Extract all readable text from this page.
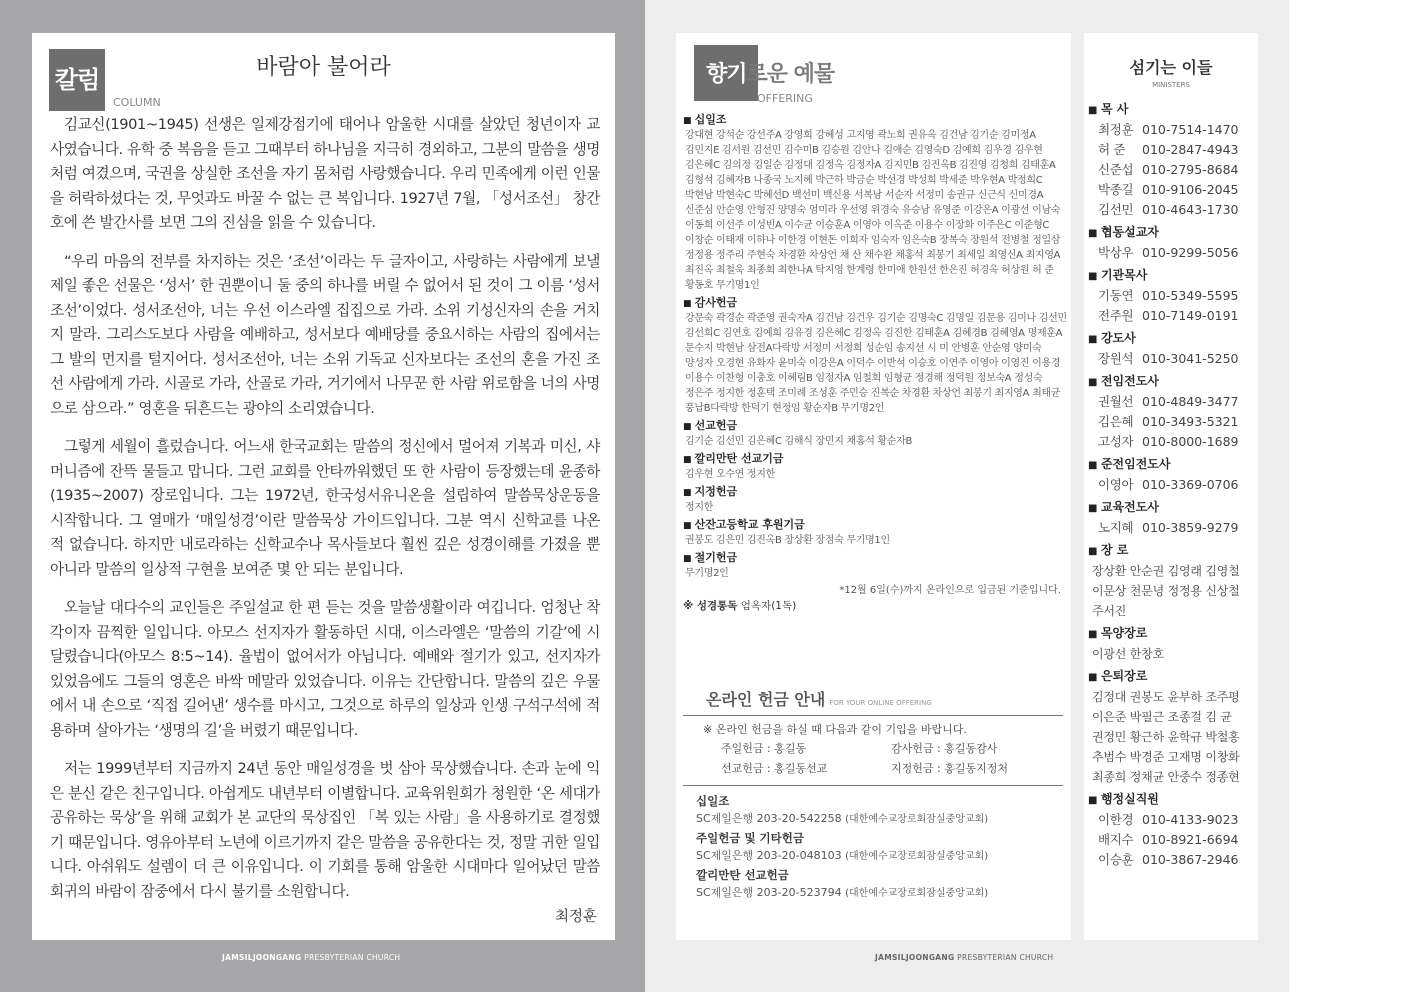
칼럼
COLUMN
바람아 불어라

김교신(1901~1945) 선생은 일제강점기에 태어나 암울한 시대를 살았던 청년이자 교사였습니다. 유학 중 복음을 듣고 그때부터 하나님을 지극히 경외하고, 그분의 말씀을 생명처럼 여겼으며, 국권을 상실한 조선을 자기 몸처럼 사랑했습니다. 우리 민족에게 이런 인물을 허락하셨다는 것, 무엇과도 바꿀 수 없는 큰 복입니다. 1927년 7월, 「성서조선」 창간호에 쓴 발간사를 보면 그의 진심을 읽을 수 있습니다.

“우리 마음의 전부를 차지하는 것은 ‘조선’이라는 두 글자이고, 사랑하는 사람에게 보낼 제일 좋은 선물은 ‘성서’ 한 권뿐이니 둘 중의 하나를 버릴 수 없어서 된 것이 그 이름 ‘성서조선’이었다. 성서조선아, 너는 우선 이스라엘 집집으로 가라. 소위 기성신자의 손을 거치지 말라. 그리스도보다 사람을 예배하고, 성서보다 예배당를 중요시하는 사람의 집에서는 그 발의 먼지를 털지어다. 성서조선아, 너는 소위 기독교 신자보다는 조선의 혼을 가진 조선 사람에게 가라. 시골로 가라, 산골로 가라, 거기에서 나무꾼 한 사람 위로함을 너의 사명으로 삼으라.” 영혼을 뒤흔드는 광야의 소리였습니다.

그렇게 세월이 흘렀습니다. 어느새 한국교회는 말씀의 정신에서 멀어져 기복과 미신, 샤머니즘에 잔뜩 물들고 맙니다. 그런 교회를 안타까워했던 또 한 사람이 등장했는데 윤종하(1935~2007) 장로입니다. 그는 1972년, 한국성서유니온을 설립하여 말씀묵상운동을 시작합니다. 그 열매가 ‘매일성경’이란 말씀묵상 가이드입니다. 그분 역시 신학교를 나온 적 없습니다. 하지만 내로라하는 신학교수나 목사들보다 훨씬 깊은 성경이해를 가졌을 뿐 아니라 말씀의 일상적 구현을 보여준 몇 안 되는 분입니다.

오늘날 대다수의 교인들은 주일설교 한 편 듣는 것을 말씀생활이라 여깁니다. 엄청난 착각이자 끔찍한 일입니다. 아모스 선지자가 활동하던 시대, 이스라엘은 ‘말씀의 기갈’에 시달렸습니다(아모스 8:5~14). 율법이 없어서가 아닙니다. 예배와 절기가 있고, 선지자가 있었음에도 그들의 영혼은 바싹 메말라 있었습니다. 이유는 간단합니다. 말씀의 깊은 우물에서 내 손으로 ‘직접 길어낸’ 생수를 마시고, 그것으로 하루의 일상과 인생 구석구석에 적용하며 살아가는 ‘생명의 길’을 버렸기 때문입니다.

저는 1999년부터 지금까지 24년 동안 매일성경을 벗 삼아 묵상했습니다. 손과 눈에 익은 분신 같은 친구입니다. 아쉽게도 내년부터 이별합니다. 교육위원회가 청원한 ‘온 세대가 공유하는 묵상’을 위해 교회가 본 교단의 묵상집인 「복 있는 사람」을 사용하기로 결정했기 때문입니다. 영유아부터 노년에 이르기까지 같은 말씀을 공유한다는 것, 정말 귀한 일입니다. 아쉬워도 설렘이 더 큰 이유입니다. 이 기회를 통해 암울한 시대마다 일어났던 말씀회귀의 바람이 잠중에서 다시 불기를 소원합니다.

최정훈
JAMSILJOONGANG PRESBYTERIAN CHURCH
향기로운 예물
OFFERING
■ 십일조
강대현 강석순 강선주A 강영희 강혜성 고지영 곽노희 권유옥 김건남 김기순 김미정A 김민지E 김서원 김선민 김수미B 김승원 김안나 김애순 김영숙D 김예희 김우경 김우현 김은혜C 김의정 김일순 김정대 김정옥 김정자A 김지민B 김진옥B 김진영 김청희 김태훈A 김형석 김혜자B 나종국 노지혜 박근하 박금순 박선경 박성희 박세준 박우현A 박정희C 박현남 박현숙C 박혜선D 백선미 백신용 서복남 서순자 서정미 송권규 신근식 신미경A 신준심 안순영 안형진 양명숙 엄미라 우선영 위경숙 유승남 유영준 이강은A 이광선 이남숙 이동희 이선주 이성빈A 이수균 이승훈A 이영아 이옥준 이용수 이장화 이주은C 이준형C 이창순 이태재 이하나 이한경 이현돈 이희자 임숙자 임은숙B 장복숙 장원석 전병철 정일삼 정정용 정주리 주현숙 차경환 차상언 채 산 채수완 채홍석 최봉기 최세일 최영신A 최지영A 최진옥 최철욱 최종희 최한나A 탁지영 한계령 한미애 한원선 한은진 허경옥 허상원 허 준 황동호 무기명1인
■ 감사헌금
강문숙 곽경순 곽준영 권숙자A 김건남 김건우 김기순 김명숙C 김명일 김문용 김미나 김선민 김선희C 김연호 김예희 김유경 김은혜C 김정옥 김진한 김태훈A 김혜경B 김혜영A 명제훈A 문수지 박현남 삼전A다락방 서정미 서정희 성순임 송지선 시 미 안병훈 안순영 양미숙 양성자 오경현 유화자 윤미숙 이강은A 이덕수 이반석 이승호 이연주 이영아 이영진 이용경 이용수 이찬형 이충호 이혜림B 임정자A 임철희 임형균 정경해 정덕원 정보숙A 정성숙 정은주 정지한 정훈택 조미례 조성훈 주민승 진복순 차경환 차상언 최봉기 최지영A 최태균 풍납B다락방 한덕기 현정임 황순자B 무기명2인
■ 선교헌금
김기순 김선민 김은혜C 김해식 장민지 채홍석 황순자B
■ 깔리만탄 선교기금
김우현 오수연 정지한
■ 지정헌금
정지한
■ 산잔고등학교 후원기금
권봉도 김은민 김진옥B 장상환 장점숙 무기명1인
■ 절기헌금
무기명2인
*12월 6일(수)까지 온라인으로 입금된 기준입니다.
※ 성경통독 엄옥자(1독)
온라인 헌금 안내 FOR YOUR ONLINE OFFERING
※ 온라인 헌금을 하실 때 다음과 같이 기입을 바랍니다.
주일헌금 : 홍길동	감사헌금 : 홍길동감사
선교헌금 : 홍길동선교	지정헌금 : 홍길동지정처
십일조
SC제일은행 203-20-542258 (대한예수교장로회잠실중앙교회)
주일헌금 및 기타헌금
SC제일은행 203-20-048103 (대한예수교장로회잠실중앙교회)
깔리만탄 선교헌금
SC제일은행 203-20-523794 (대한예수교장로회잠실중앙교회)
섬기는 이들
MINISTERS
■ 목 사
최정훈 010-7514-1470
허 준 010-2847-4943
신준섭 010-2795-8684
박종길 010-9106-2045
김선민 010-4643-1730
■ 협동설교자
박상우 010-9299-5056
■ 기관목사
기동연 010-5349-5595
전주원 010-7149-0191
■ 강도사
장원석 010-3041-5250
■ 전임전도사
권월선 010-4849-3477
김은혜 010-3493-5321
고성자 010-8000-1689
■ 준전임전도사
이영아 010-3369-0706
■ 교육전도사
노지혜 010-3859-9279
■ 장 로
장상환 안순권 김영래 김영철 이문상 천문녕 정정용 신상철 주서진
■ 목양장로
이광선 한창호
■ 은퇴장로
김정대 권봉도 윤부하 조주평 이은준 박필근 조종걸 김 균 권정민 황근하 윤학규 박철홍 추범수 박경준 고재명 이창화 최종희 정채균 안중수 정종현
■ 행정실직원
이한경 010-4133-9023
배지수 010-8921-6694
이승훈 010-3867-2946
JAMSILJOONGANG PRESBYTERIAN CHURCH
